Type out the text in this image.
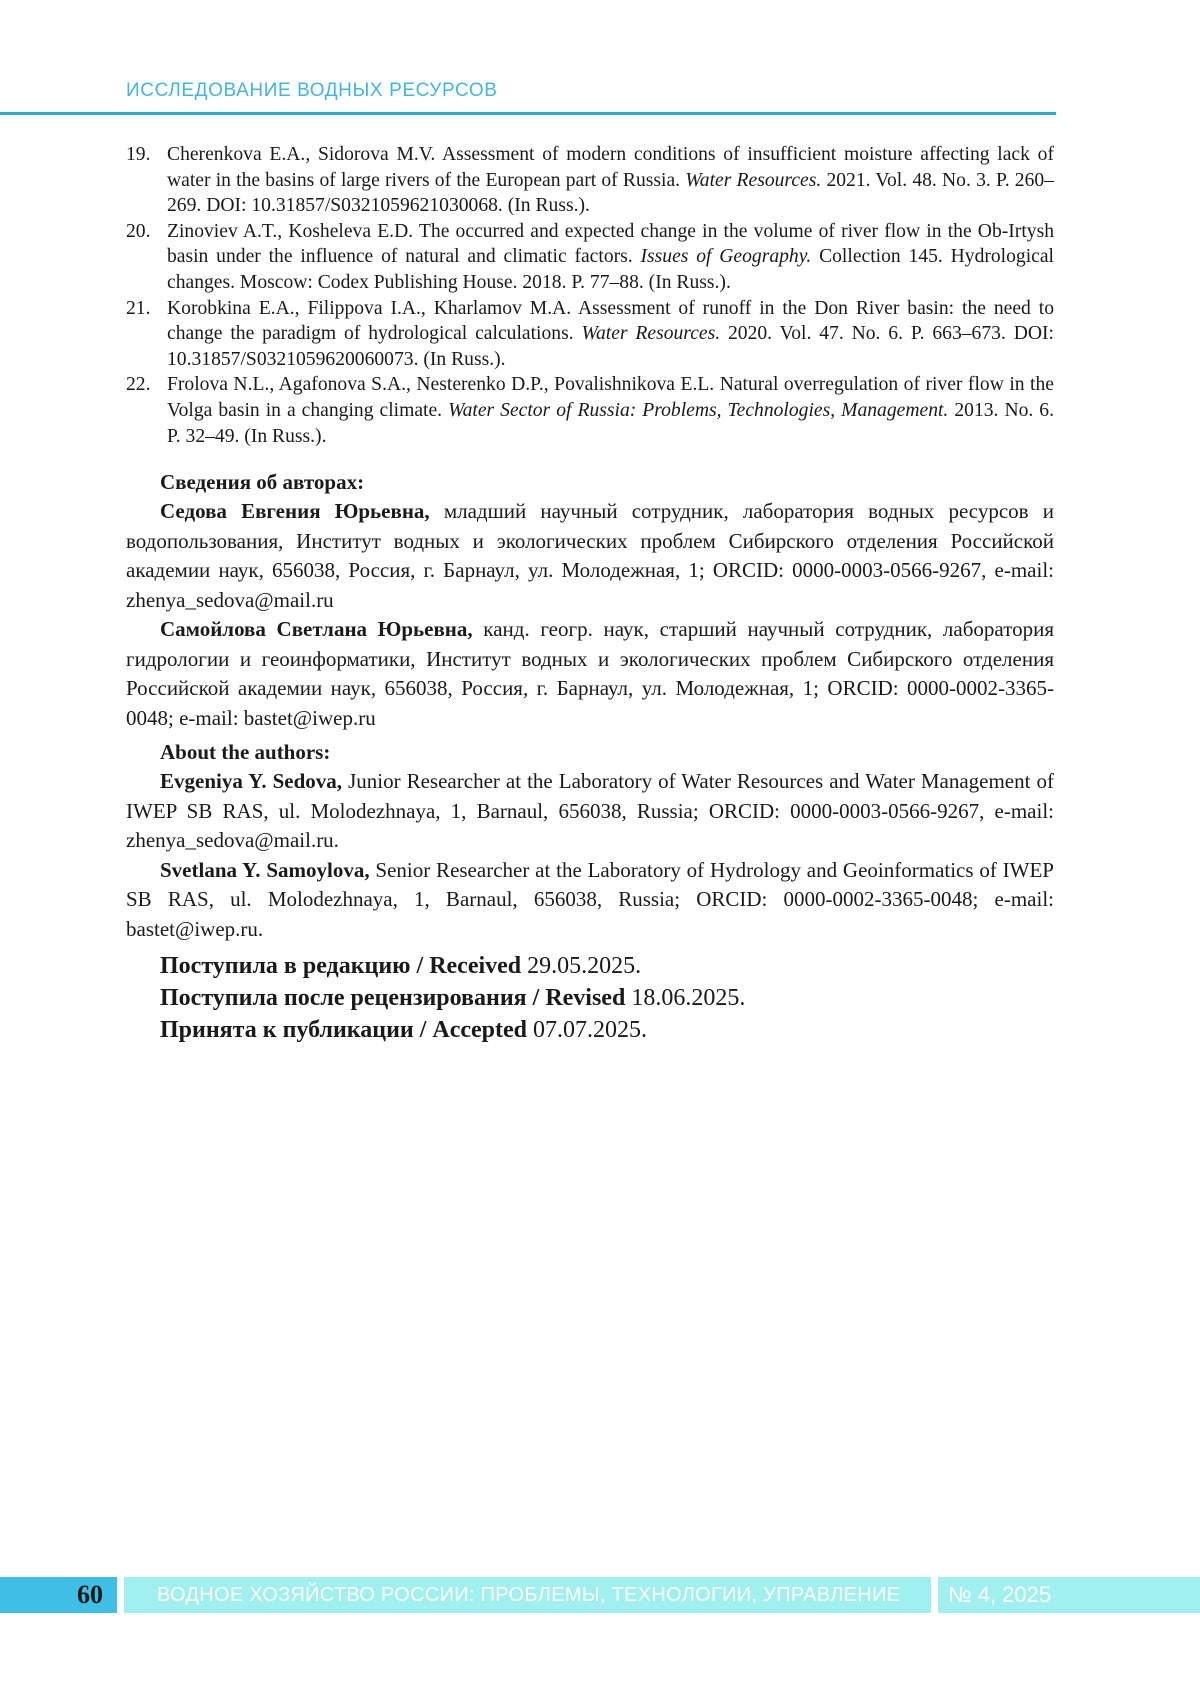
ИССЛЕДОВАНИЕ ВОДНЫХ РЕСУРСОВ
19. Cherenkova E.A., Sidorova M.V. Assessment of modern conditions of insufficient moisture affecting lack of water in the basins of large rivers of the European part of Russia. Water Resources. 2021. Vol. 48. No. 3. P. 260–269. DOI: 10.31857/S0321059621030068. (In Russ.).
20. Zinoviev A.T., Kosheleva E.D. The occurred and expected change in the volume of river flow in the Ob-Irtysh basin under the influence of natural and climatic factors. Issues of Geography. Collection 145. Hydrological changes. Moscow: Codex Publishing House. 2018. P. 77–88. (In Russ.).
21. Korobkina E.A., Filippova I.A., Kharlamov M.A. Assessment of runoff in the Don River basin: the need to change the paradigm of hydrological calculations. Water Resources. 2020. Vol. 47. No. 6. P. 663–673. DOI: 10.31857/S0321059620060073. (In Russ.).
22. Frolova N.L., Agafonova S.A., Nesterenko D.P., Povalishnikova E.L. Natural overregulation of river flow in the Volga basin in a changing climate. Water Sector of Russia: Problems, Technologies, Management. 2013. No. 6. P. 32–49. (In Russ.).
Сведения об авторах:

Седова Евгения Юрьевна, младший научный сотрудник, лаборатория водных ресурсов и водопользования, Институт водных и экологических проблем Сибирского отделения Российской академии наук, 656038, Россия, г. Барнаул, ул. Молодежная, 1; ORCID: 0000-0003-0566-9267, e-mail: zhenya_sedova@mail.ru

Самойлова Светлана Юрьевна, канд. геогр. наук, старший научный сотрудник, лаборатория гидрологии и геоинформатики, Институт водных и экологических проблем Сибирского отделения Российской академии наук, 656038, Россия, г. Барнаул, ул. Молодежная, 1; ORCID: 0000-0002-3365-0048; e-mail: bastet@iwep.ru

About the authors:

Evgeniya Y. Sedova, Junior Researcher at the Laboratory of Water Resources and Water Management of IWEP SB RAS, ul. Molodezhnaya, 1, Barnaul, 656038, Russia; ORCID: 0000-0003-0566-9267, e-mail: zhenya_sedova@mail.ru.

Svetlana Y. Samoylova, Senior Researcher at the Laboratory of Hydrology and Geoinformatics of IWEP SB RAS, ul. Molodezhnaya, 1, Barnaul, 656038, Russia; ORCID: 0000-0002-3365-0048; e-mail: bastet@iwep.ru.

Поступила в редакцию / Received 29.05.2025.
Поступила после рецензирования / Revised 18.06.2025.
Принята к публикации / Accepted 07.07.2025.
60	ВОДНОЕ ХОЗЯЙСТВО РОССИИ: ПРОБЛЕМЫ, ТЕХНОЛОГИИ, УПРАВЛЕНИЕ	№ 4, 2025
